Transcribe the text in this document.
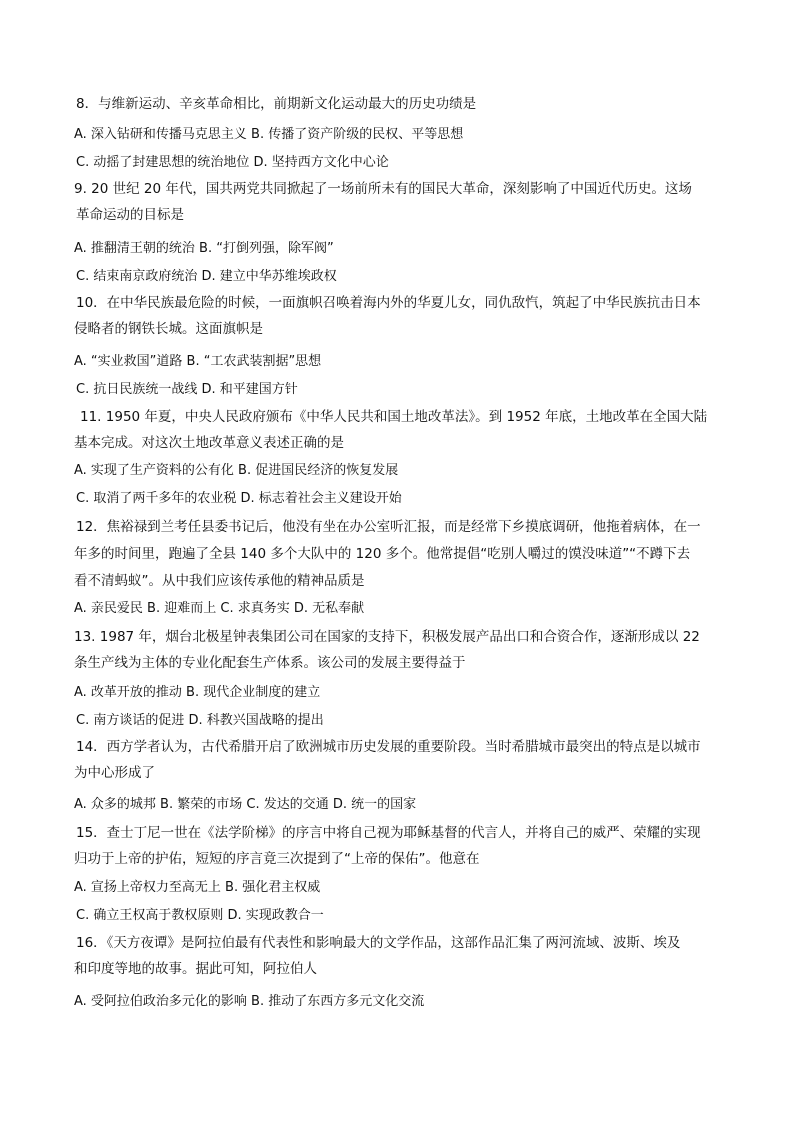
8．与维新运动、辛亥革命相比，前期新文化运动最大的历史功绩是
A. 深入钻研和传播马克思主义 B. 传播了资产阶级的民权、平等思想
C. 动摇了封建思想的统治地位 D. 坚持西方文化中心论
9. 20 世纪 20 年代，国共两党共同掀起了一场前所未有的国民大革命，深刻影响了中国近代历史。这场
革命运动的目标是
A. 推翻清王朝的统治 B. “打倒列强，除军阀”
C. 结束南京政府统治 D. 建立中华苏维埃政权
10．在中华民族最危险的时候，一面旗帜召唤着海内外的华夏儿女，同仇敌忾，筑起了中华民族抗击日本
侵略者的钢铁长城。这面旗帜是
A. “实业救国”道路 B. “工农武装割据”思想
C. 抗日民族统一战线 D. 和平建国方针
11. 1950 年夏，中央人民政府颁布《中华人民共和国土地改革法》。到 1952 年底，土地改革在全国大陆
基本完成。对这次土地改革意义表述正确的是
A. 实现了生产资料的公有化 B. 促进国民经济的恢复发展
C. 取消了两千多年的农业税 D. 标志着社会主义建设开始
12．焦裕禄到兰考任县委书记后，他没有坐在办公室听汇报，而是经常下乡摸底调研，他拖着病体，在一
年多的时间里，跑遍了全县 140 多个大队中的 120 多个。他常提倡“吃别人嚼过的馍没味道”“不蹲下去
看不清蚂蚁”。从中我们应该传承他的精神品质是
A. 亲民爱民 B. 迎难而上 C. 求真务实 D. 无私奉献
13. 1987 年，烟台北极星钟表集团公司在国家的支持下，积极发展产品出口和合资合作，逐渐形成以 22
条生产线为主体的专业化配套生产体系。该公司的发展主要得益于
A. 改革开放的推动 B. 现代企业制度的建立
C. 南方谈话的促进 D. 科教兴国战略的提出
14．西方学者认为，古代希腊开启了欧洲城市历史发展的重要阶段。当时希腊城市最突出的特点是以城市
为中心形成了
A. 众多的城邦 B. 繁荣的市场 C. 发达的交通 D. 统一的国家
15．查士丁尼一世在《法学阶梯》的序言中将自己视为耶稣基督的代言人，并将自己的威严、荣耀的实现
归功于上帝的护佑，短短的序言竟三次提到了“上帝的保佑”。他意在
A. 宣扬上帝权力至高无上 B. 强化君主权威
C. 确立王权高于教权原则 D. 实现政教合一
16．《天方夜谭》是阿拉伯最有代表性和影响最大的文学作品，这部作品汇集了两河流域、波斯、埃及
和印度等地的故事。据此可知，阿拉伯人
A. 受阿拉伯政治多元化的影响 B. 推动了东西方多元文化交流
